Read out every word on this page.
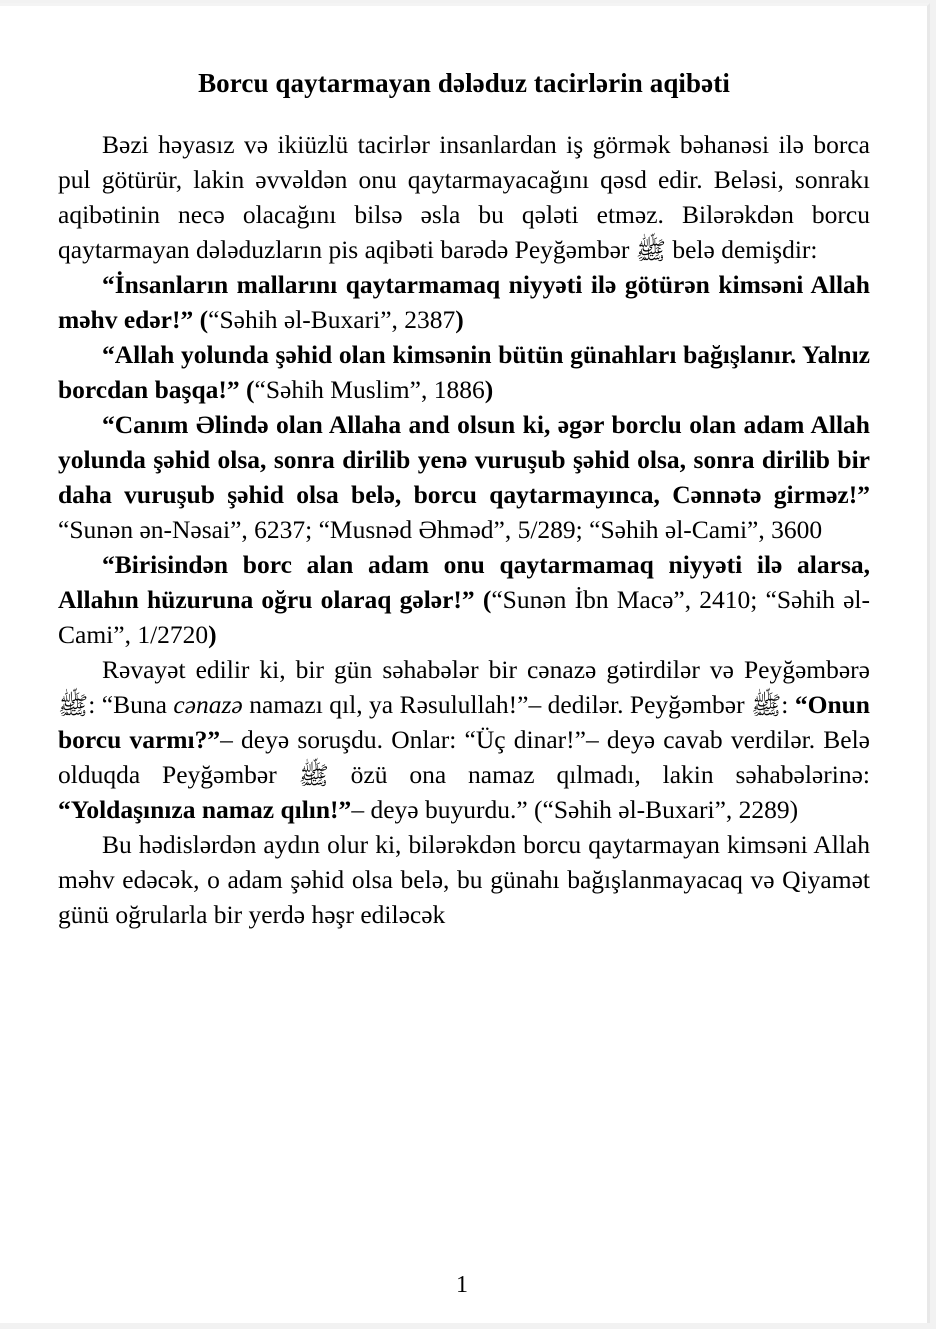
Borcu qaytarmayan dələduz tacirlərin aqibəti

Bəzi həyasız və ikiüzlü tacirlər insanlardan iş görmək bəhanəsi ilə borca pul götürür, lakin əvvəldən onu qaytarmayacağını qəsd edir. Beləsi, sonrakı aqibətinin necə olacağını bilsə əsla bu qələti etməz. Bilərəkdən borcu qaytarmayan dələduzların pis aqibəti barədə Peyğəmbər ﷺ belə demişdir:

“İnsanların mallarını qaytarmamaq niyyəti ilə götürən kimsəni Allah məhv edər!” (“Səhih əl-Buxari”, 2387)

“Allah yolunda şəhid olan kimsənin bütün günahları bağışlanır. Yalnız borcdan başqa!” (“Səhih Muslim”, 1886)

“Canım Əlində olan Allaha and olsun ki, əgər borclu olan adam Allah yolunda şəhid olsa, sonra dirilib yenə vuruşub şəhid olsa, sonra dirilib bir daha vuruşub şəhid olsa belə, borcu qaytarmayınca, Cənnətə girməz!” “Sunən ən-Nəsai”, 6237; “Musnəd Əhməd”, 5/289; “Səhih əl-Cami”, 3600

“Birisindən borc alan adam onu qaytarmamaq niyyəti ilə alarsa, Allahın hüzuruna oğru olaraq gələr!” (“Sunən İbn Macə”, 2410; “Səhih əl-Cami”, 1/2720)

Rəvayət edilir ki, bir gün səhabələr bir cənazə gətirdilər və Peyğəmbərə ﷺ: “Buna cənazə namazı qıl, ya Rəsulullah!”– dedilər. Peyğəmbər ﷺ: “Onun borcu varmı?”– deyə soruşdu. Onlar: “Üç dinar!”– deyə cavab verdilər. Belə olduqda Peyğəmbər ﷺ özü ona namaz qılmadı, lakin səhabələrinə: “Yoldaşınıza namaz qılın!”– deyə buyurdu.” (“Səhih əl-Buxari”, 2289)

Bu hədislərdən aydın olur ki, bilərəkdən borcu qaytarmayan kimsəni Allah məhv edəcək, o adam şəhid olsa belə, bu günahı bağışlanmayacaq və Qiyamət günü oğrularla bir yerdə həşr ediləcək

1
